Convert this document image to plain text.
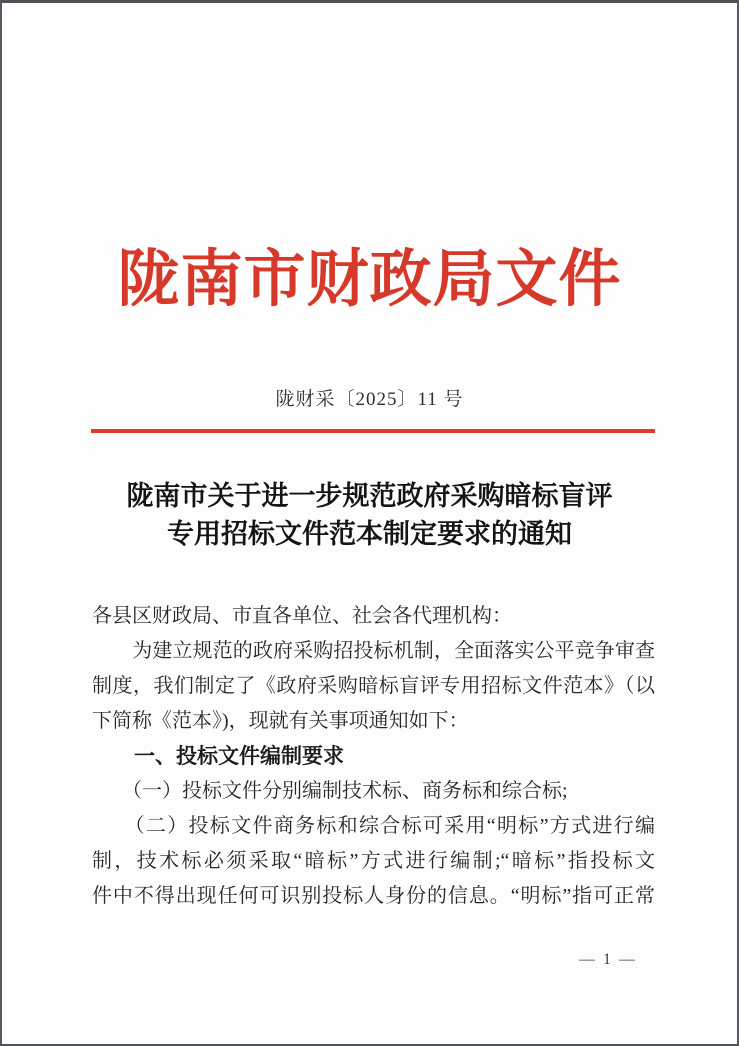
陇南市财政局文件
陇财采〔2025〕11 号
陇南市关于进一步规范政府采购暗标盲评
专用招标文件范本制定要求的通知
各县区财政局、市直各单位、社会各代理机构：
　　为建立规范的政府采购招投标机制，全面落实公平竞争审查
制度，我们制定了《政府采购暗标盲评专用招标文件范本》（以
下简称《范本》)，现就有关事项通知如下：
　　一、投标文件编制要求
　　（一）投标文件分别编制技术标、商务标和综合标;
　　（二）投标文件商务标和综合标可采用“明标”方式进行编
制，技术标必须采取“暗标”方式进行编制;“暗标”指投标文
件中不得出现任何可识别投标人身份的信息。“明标”指可正常
— 1 —
